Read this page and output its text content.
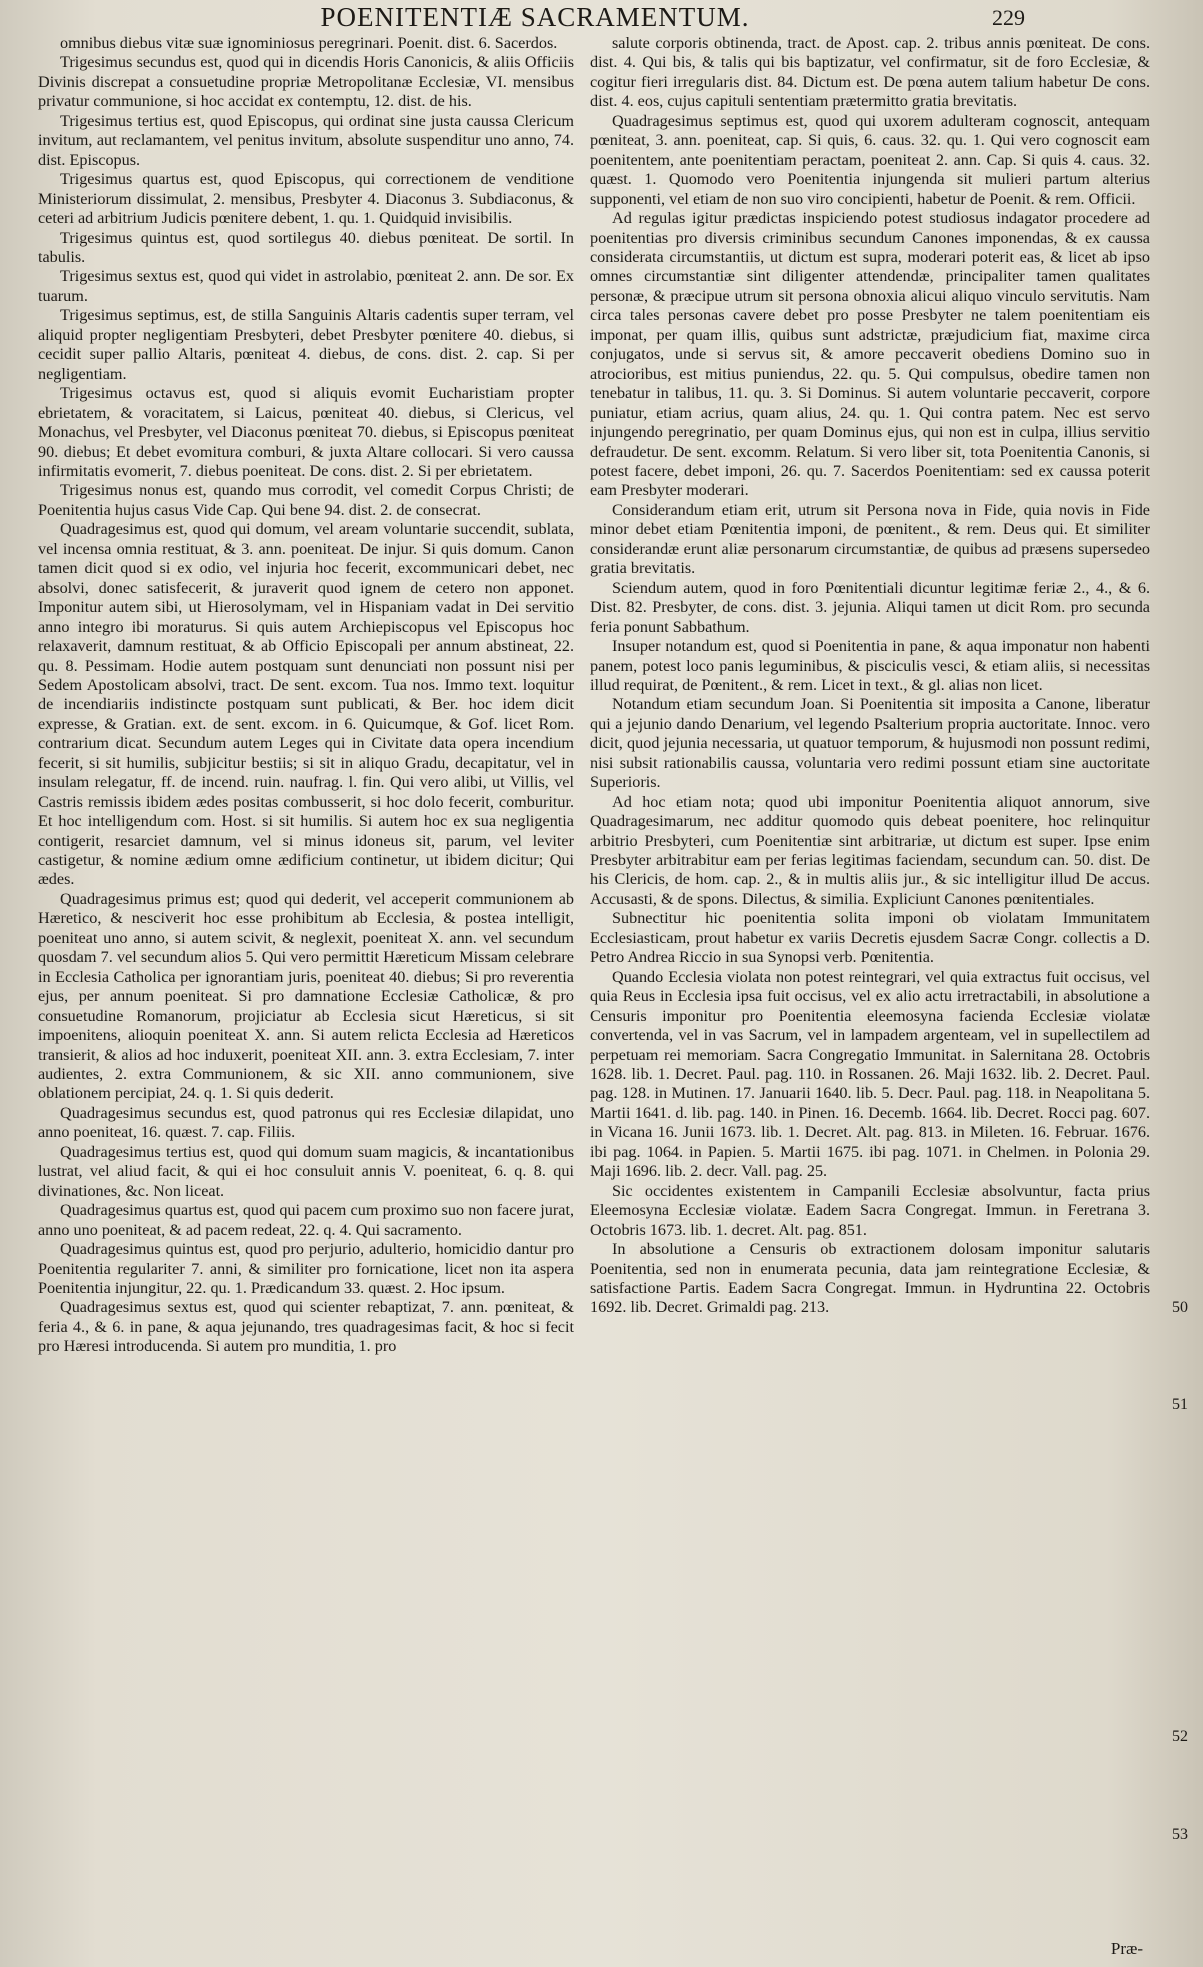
POENITENTIÆ SACRAMENTUM.	229

omnibus diebus vitæ suæ ignominiosus peregrinari. Poenit. dist. 6. Sacerdos.

Trigesimus secundus est, quod qui in dicendis Horis Canonicis, & aliis Officiis Divinis discrepat a consuetudine propriæ Metropolitanæ Ecclesiæ, VI. mensibus privatur communione, si hoc accidat ex contemptu, 12. dist. de his.

Trigesimus tertius est, quod Episcopus, qui ordinat sine justa caussa Clericum invitum, aut reclamantem, vel penitus invitum, absolute suspenditur uno anno, 74. dist. Episcopus.

Trigesimus quartus est, quod Episcopus, qui correctionem de venditione Ministeriorum dissimulat, 2. mensibus, Presbyter 4. Diaconus 3. Subdiaconus, & ceteri ad arbitrium Judicis pœnitere debent, 1. qu. 1. Quidquid invisibilis.

Trigesimus quintus est, quod sortilegus 40. diebus pœniteat. De sortil. In tabulis.

Trigesimus sextus est, quod qui videt in astrolabio, pœniteat 2. ann. De sor. Ex tuarum.

Trigesimus septimus, est, de stilla Sanguinis Altaris cadentis super terram, vel aliquid propter negligentiam Presbyteri, debet Presbyter pœnitere 40. diebus, si cecidit super pallio Altaris, pœniteat 4. diebus, de cons. dist. 2. cap. Si per negligentiam.

Trigesimus octavus est, quod si aliquis evomit Eucharistiam propter ebrietatem, & voracitatem, si Laicus, pœniteat 40. diebus, si Clericus, vel Monachus, vel Presbyter, vel Diaconus pœniteat 70. diebus, si Episcopus pœniteat 90. diebus; Et debet evomitura comburi, & juxta Altare collocari. Si vero caussa infirmitatis evomerit, 7. diebus poeniteat. De cons. dist. 2. Si per ebrietatem.

Trigesimus nonus est, quando mus corrodit, vel comedit Corpus Christi; de Poenitentia hujus casus Vide Cap. Qui bene 94. dist. 2. de consecrat.

Quadragesimus est, quod qui domum, vel aream voluntarie succendit, sublata, vel incensa omnia restituat, & 3. ann. poeniteat. De injur. Si quis domum. Canon tamen dicit quod si ex odio, vel injuria hoc fecerit, excommunicari debet, nec absolvi, donec satisfecerit, & juraverit quod ignem de cetero non apponet. Imponitur autem sibi, ut Hierosolymam, vel in Hispaniam vadat in Dei servitio anno integro ibi moraturus. Si quis autem Archiepiscopus vel Episcopus hoc relaxaverit, damnum restituat, & ab Officio Episcopali per annum abstineat, 22. qu. 8. Pessimam. Hodie autem postquam sunt denunciati non possunt nisi per Sedem Apostolicam absolvi, tract. De sent. excom. Tua nos. Immo text. loquitur de incendiariis indistincte postquam sunt publicati, & Ber. hoc idem dicit expresse, & Gratian. ext. de sent. excom. in 6. Quicumque, & Gof. licet Rom. contrarium dicat. Secundum autem Leges qui in Civitate data opera incendium fecerit, si sit humilis, subjicitur bestiis; si sit in aliquo Gradu, decapitatur, vel in insulam relegatur, ff. de incend. ruin. naufrag. l. fin. Qui vero alibi, ut Villis, vel Castris remissis ibidem ædes positas combusserit, si hoc dolo fecerit, comburitur. Et hoc intelligendum com. Host. si sit humilis. Si autem hoc ex sua negligentia contigerit, resarciet damnum, vel si minus idoneus sit, parum, vel leviter castigetur, & nomine ædium omne ædificium continetur, ut ibidem dicitur; Qui ædes.

Quadragesimus primus est; quod qui dederit, vel acceperit communionem ab Hæretico, & nesciverit hoc esse prohibitum ab Ecclesia, & postea intelligit, poeniteat uno anno, si autem scivit, & neglexit, poeniteat X. ann. vel secundum quosdam 7. vel secundum alios 5. Qui vero permittit Hæreticum Missam celebrare in Ecclesia Catholica per ignorantiam juris, poeniteat 40. diebus; Si pro reverentia ejus, per annum poeniteat. Si pro damnatione Ecclesiæ Catholicæ, & pro consuetudine Romanorum, projiciatur ab Ecclesia sicut Hæreticus, si sit impoenitens, alioquin poeniteat X. ann. Si autem relicta Ecclesia ad Hæreticos transierit, & alios ad hoc induxerit, poeniteat XII. ann. 3. extra Ecclesiam, 7. inter audientes, 2. extra Communionem, & sic XII. anno communionem, sive oblationem percipiat, 24. q. 1. Si quis dederit.

Quadragesimus secundus est, quod patronus qui res Ecclesiæ dilapidat, uno anno poeniteat, 16. quæst. 7. cap. Filiis.

Quadragesimus tertius est, quod qui domum suam magicis, & incantationibus lustrat, vel aliud facit, & qui ei hoc consuluit annis V. poeniteat, 6. q. 8. qui divinationes, &c. Non liceat.

Quadragesimus quartus est, quod qui pacem cum proximo suo non facere jurat, anno uno poeniteat, & ad pacem redeat, 22. q. 4. Qui sacramento.

Quadragesimus quintus est, quod pro perjurio, adulterio, homicidio dantur pro Poenitentia regulariter 7. anni, & similiter pro fornicatione, licet non ita aspera Poenitentia injungitur, 22. qu. 1. Prædicandum 33. quæst. 2. Hoc ipsum.

Quadragesimus sextus est, quod qui scienter rebaptizat, 7. ann. pœniteat, & feria 4., & 6. in pane, & aqua jejunando, tres quadragesimas facit, & hoc si fecit pro Hæresi introducenda. Si autem pro munditia, 1. pro

salute corporis obtinenda, tract. de Apost. cap. 2. tribus annis pœniteat. De cons. dist. 4. Qui bis, & talis qui bis baptizatur, vel confirmatur, sit de foro Ecclesiæ, & cogitur fieri irregularis dist. 84. Dictum est. De pœna autem talium habetur De cons. dist. 4. eos, cujus capituli sententiam prætermitto gratia brevitatis.

Quadragesimus septimus est, quod qui uxorem adulteram cognoscit, antequam pœniteat, 3. ann. poeniteat, cap. Si quis, 6. caus. 32. qu. 1. Qui vero cognoscit eam poenitentem, ante poenitentiam peractam, poeniteat 2. ann. Cap. Si quis 4. caus. 32. quæst. 1. Quomodo vero Poenitentia injungenda sit mulieri partum alterius supponenti, vel etiam de non suo viro concipienti, habetur de Poenit. & rem. Officii.

Ad regulas igitur prædictas inspiciendo potest studiosus indagator procedere ad poenitentias pro diversis criminibus secundum Canones imponendas, & ex caussa considerata circumstantiis, ut dictum est supra, moderari poterit eas, & licet ab ipso omnes circumstantiæ sint diligenter attendendæ, principaliter tamen qualitates personæ, & præcipue utrum sit persona obnoxia alicui aliquo vinculo servitutis. Nam circa tales personas cavere debet pro posse Presbyter ne talem poenitentiam eis imponat, per quam illis, quibus sunt adstrictæ, præjudicium fiat, maxime circa conjugatos, unde si servus sit, & amore peccaverit obediens Domino suo in atrocioribus, est mitius puniendus, 22. qu. 5. Qui compulsus, obedire tamen non tenebatur in talibus, 11. qu. 3. Si Dominus. Si autem voluntarie peccaverit, corpore puniatur, etiam acrius, quam alius, 24. qu. 1. Qui contra patem. Nec est servo injungendo peregrinatio, per quam Dominus ejus, qui non est in culpa, illius servitio defraudetur. De sent. excomm. Relatum. Si vero liber sit, tota Poenitentia Canonis, si potest facere, debet imponi, 26. qu. 7. Sacerdos Poenitentiam: sed ex caussa poterit eam Presbyter moderari.

Considerandum etiam erit, utrum sit Persona nova in Fide, quia novis in Fide minor debet etiam Pœnitentia imponi, de pœnitent., & rem. Deus qui. Et similiter considerandæ erunt aliæ personarum circumstantiæ, de quibus ad præsens supersedeo gratia brevitatis.

Sciendum autem, quod in foro Pœnitentiali dicuntur legitimæ feriæ 2., 4., & 6. Dist. 82. Presbyter, de cons. dist. 3. jejunia. Aliqui tamen ut dicit Rom. pro secunda feria ponunt Sabbathum.

Insuper notandum est, quod si Poenitentia in pane, & aqua imponatur non habenti panem, potest loco panis leguminibus, & pisciculis vesci, & etiam aliis, si necessitas illud requirat, de Pœnitent., & rem. Licet in text., & gl. alias non licet.

Notandum etiam secundum Joan. Si Poenitentia sit imposita a Canone, liberatur qui a jejunio dando Denarium, vel legendo Psalterium propria auctoritate. Innoc. vero dicit, quod jejunia necessaria, ut quatuor temporum, & hujusmodi non possunt redimi, nisi subsit rationabilis caussa, voluntaria vero redimi possunt etiam sine auctoritate Superioris.

Ad hoc etiam nota; quod ubi imponitur Poenitentia aliquot annorum, sive Quadragesimarum, nec additur quomodo quis debeat poenitere, hoc relinquitur arbitrio Presbyteri, cum Poenitentiæ sint arbitrariæ, ut dictum est super. Ipse enim Presbyter arbitrabitur eam per ferias legitimas faciendam, secundum can. 50. dist. De his Clericis, de hom. cap. 2., & in multis aliis jur., & sic intelligitur illud De accus. Accusasti, & de spons. Dilectus, & similia. Expliciunt Canones pœnitentiales.

Subnectitur hic poenitentia solita imponi ob violatam Immunitatem Ecclesiasticam, prout habetur ex variis Decretis ejusdem Sacræ Congr. collectis a D. Petro Andrea Riccio in sua Synopsi verb. Pœnitentia.

Quando Ecclesia violata non potest reintegrari, vel quia extractus fuit occisus, vel quia Reus in Ecclesia ipsa fuit occisus, vel ex alio actu irretractabili, in absolutione a Censuris imponitur pro Poenitentia eleemosyna facienda Ecclesiæ violatæ convertenda, vel in vas Sacrum, vel in lampadem argenteam, vel in supellectilem ad perpetuam rei memoriam. Sacra Congregatio Immunitat. in Salernitana 28. Octobris 1628. lib. 1. Decret. Paul. pag. 110. in Rossanen. 26. Maji 1632. lib. 2. Decret. Paul. pag. 128. in Mutinen. 17. Januarii 1640. lib. 5. Decr. Paul. pag. 118. in Neapolitana 5. Martii 1641. d. lib. pag. 140. in Pinen. 16. Decemb. 1664. lib. Decret. Rocci pag. 607. in Vicana 16. Junii 1673. lib. 1. Decret. Alt. pag. 813. in Mileten. 16. Februar. 1676. ibi pag. 1064. in Papien. 5. Martii 1675. ibi pag. 1071. in Chelmen. in Polonia 29. Maji 1696. lib. 2. decr. Vall. pag. 25.

Sic occidentes existentem in Campanili Ecclesiæ absolvuntur, facta prius Eleemosyna Ecclesiæ violatæ. Eadem Sacra Congregat. Immun. in Feretrana 3. Octobris 1673. lib. 1. decret. Alt. pag. 851.

In absolutione a Censuris ob extractionem dolosam imponitur salutaris Poenitentia, sed non in enumerata pecunia, data jam reintegratione Ecclesiæ, & satisfactione Partis. Eadem Sacra Congregat. Immun. in Hydruntina 22. Octobris 1692. lib. Decret. Grimaldi pag. 213.	50
51
52
53
Præ-
